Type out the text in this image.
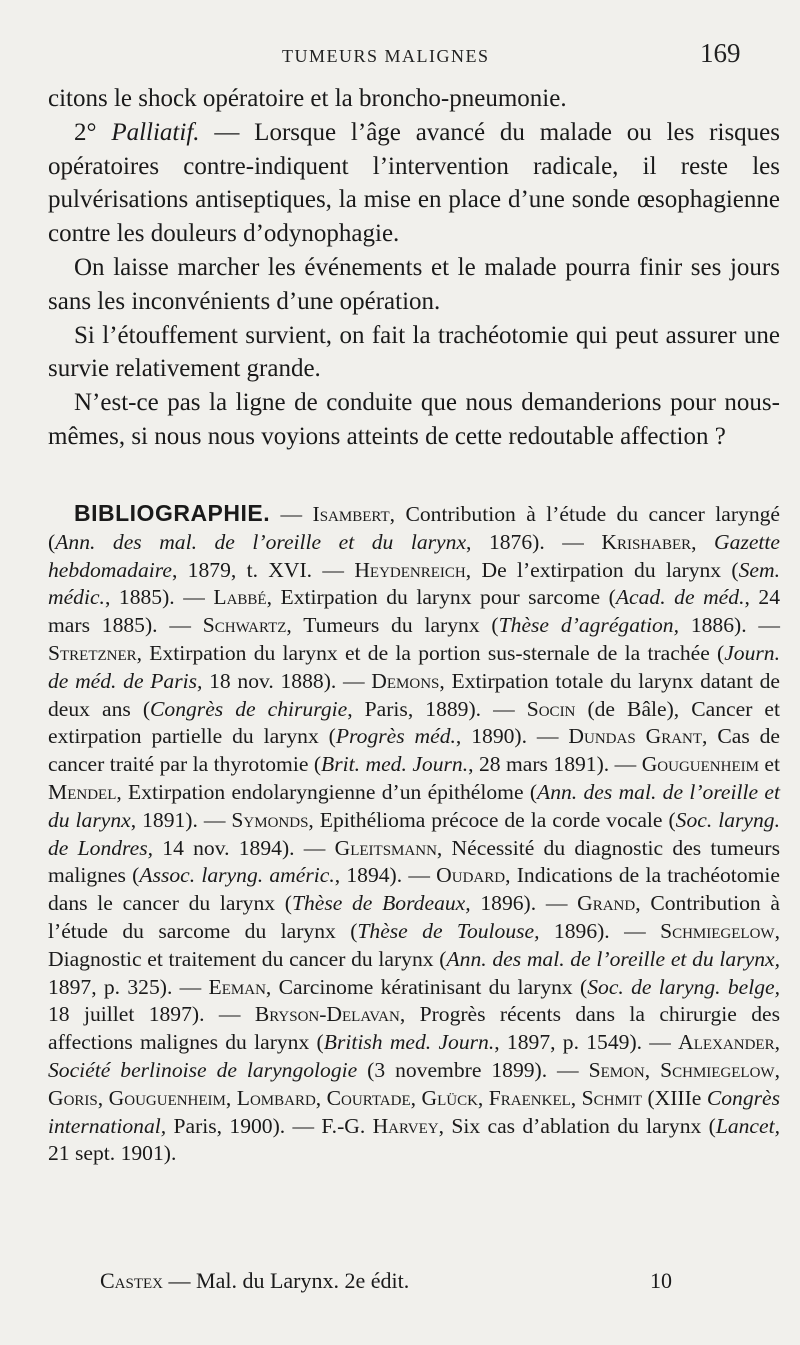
TUMEURS MALIGNES	169

citons le shock opératoire et la broncho-pneumonie.

2° Palliatif. — Lorsque l’âge avancé du malade ou les risques opératoires contre-indiquent l’intervention radicale, il reste les pulvérisations antiseptiques, la mise en place d’une sonde œsophagienne contre les douleurs d’odynophagie.

On laisse marcher les événements et le malade pourra finir ses jours sans les inconvénients d’une opération.

Si l’étouffement survient, on fait la trachéotomie qui peut assurer une survie relativement grande.

N’est-ce pas la ligne de conduite que nous demanderions pour nous-mêmes, si nous nous voyions atteints de cette redoutable affection ?

BIBLIOGRAPHIE. — Isambert, Contribution à l’étude du cancer laryngé (Ann. des mal. de l’oreille et du larynx, 1876). — Krishaber, Gazette hebdomadaire, 1879, t. XVI. — Heydenreich, De l’extirpation du larynx (Sem. médic., 1885). — Labbé, Extirpation du larynx pour sarcome (Acad. de méd., 24 mars 1885). — Schwartz, Tumeurs du larynx (Thèse d’agrégation, 1886). — Stretzner, Extirpation du larynx et de la portion sus-sternale de la trachée (Journ. de méd. de Paris, 18 nov. 1888). — Demons, Extirpation totale du larynx datant de deux ans (Congrès de chirurgie, Paris, 1889). — Socin (de Bâle), Cancer et extirpation partielle du larynx (Progrès méd., 1890). — Dundas Grant, Cas de cancer traité par la thyrotomie (Brit. med. Journ., 28 mars 1891). — Gouguenheim et Mendel, Extirpation endolaryngienne d’un épithélome (Ann. des mal. de l’oreille et du larynx, 1891). — Symonds, Epithélioma précoce de la corde vocale (Soc. laryng. de Londres, 14 nov. 1894). — Gleitsmann, Nécessité du diagnostic des tumeurs malignes (Assoc. laryng. améric., 1894). — Oudard, Indications de la trachéotomie dans le cancer du larynx (Thèse de Bordeaux, 1896). — Grand, Contribution à l’étude du sarcome du larynx (Thèse de Toulouse, 1896). — Schmiegelow, Diagnostic et traitement du cancer du larynx (Ann. des mal. de l’oreille et du larynx, 1897, p. 325). — Eeman, Carcinome kératinisant du larynx (Soc. de laryng. belge, 18 juillet 1897). — Bryson-Delavan, Progrès récents dans la chirurgie des affections malignes du larynx (British med. Journ., 1897, p. 1549). — Alexander, Société berlinoise de laryngologie (3 novembre 1899). — Semon, Schmiegelow, Goris, Gouguenheim, Lombard, Courtade, Glück, Fraenkel, Schmit (XIIIe Congrès international, Paris, 1900). — F.-G. Harvey, Six cas d’ablation du larynx (Lancet, 21 sept. 1901).

Castex — Mal. du Larynx. 2e édit.	10
